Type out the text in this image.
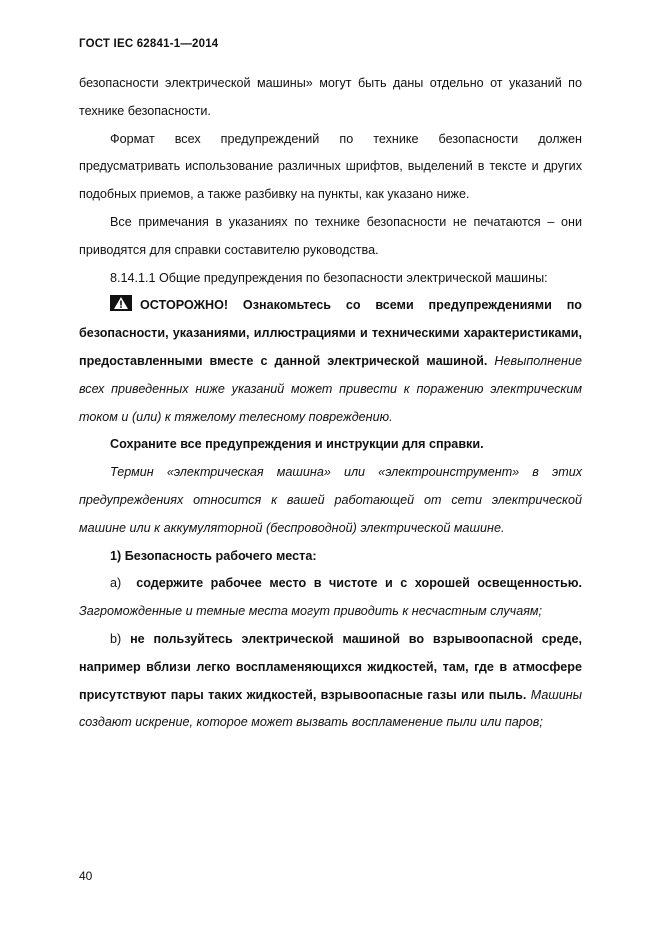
ГОСТ IEC 62841-1—2014

безопасности электрической машины» могут быть даны отдельно от указаний по технике безопасности.

Формат всех предупреждений по технике безопасности должен предусматривать использование различных шрифтов, выделений в тексте и других подобных приемов, а также разбивку на пункты, как указано ниже.

Все примечания в указаниях по технике безопасности не печатаются – они приводятся для справки составителю руководства.

8.14.1.1 Общие предупреждения по безопасности электрической машины:

ОСТОРОЖНО! Ознакомьтесь со всеми предупреждениями по безопасности, указаниями, иллюстрациями и техническими характеристиками, предоставленными вместе с данной электрической машиной. Невыполнение всех приведенных ниже указаний может привести к поражению электрическим током и (или) к тяжелому телесному повреждению.

Сохраните все предупреждения и инструкции для справки.

Термин «электрическая машина» или «электроинструмент» в этих предупреждениях относится к вашей работающей от сети электрической машине или к аккумуляторной (беспроводной) электрической машине.

1) Безопасность рабочего места:

a) содержите рабочее место в чистоте и с хорошей освещенностью. Загроможденные и темные места могут приводить к несчастным случаям;

b) не пользуйтесь электрической машиной во взрывоопасной среде, например вблизи легко воспламеняющихся жидкостей, там, где в атмосфере присутствуют пары таких жидкостей, взрывоопасные газы или пыль. Машины создают искрение, которое может вызвать воспламенение пыли или паров;

40
